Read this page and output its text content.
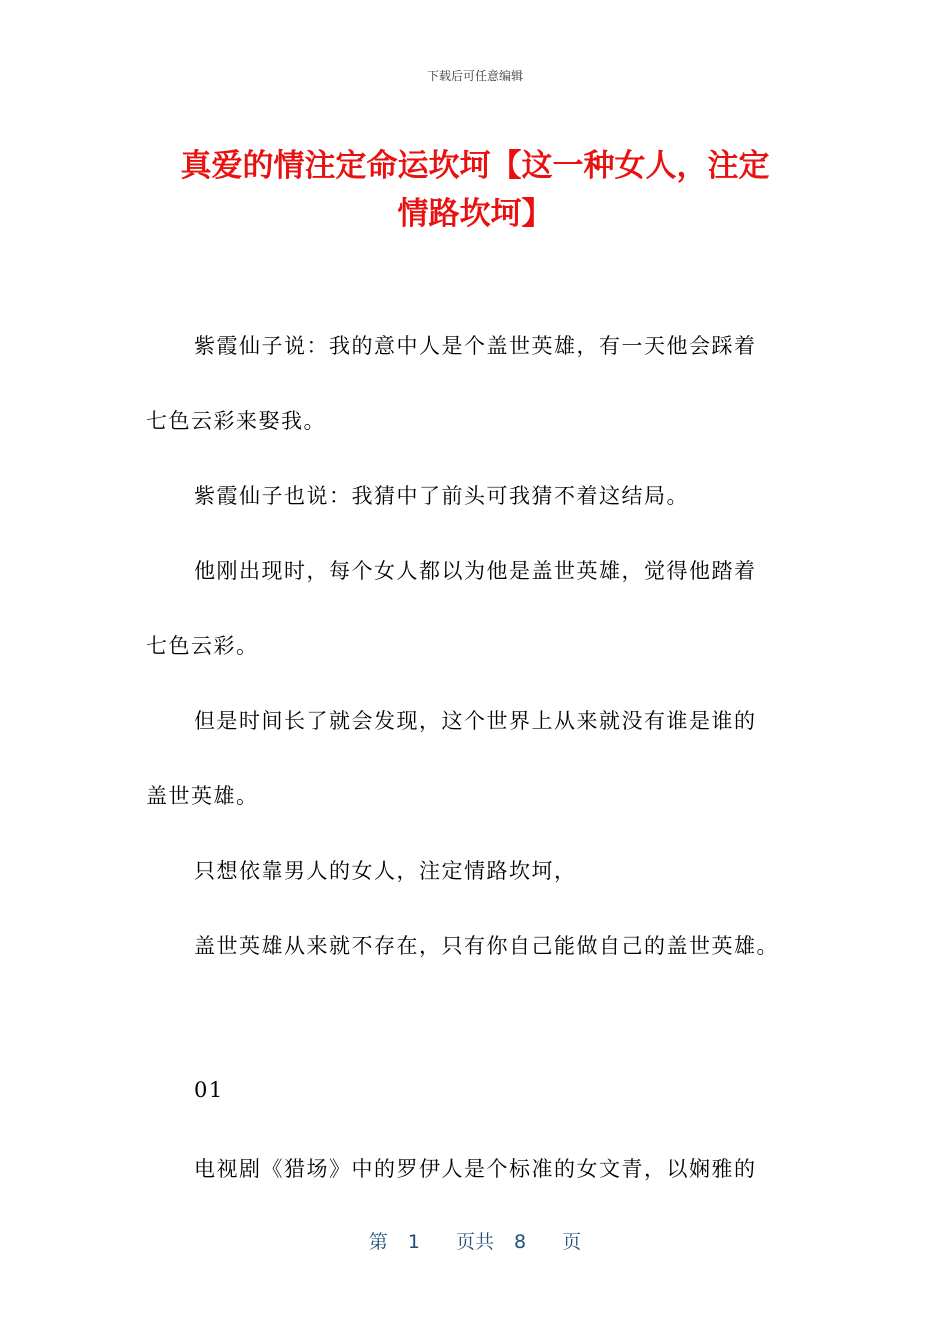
下载后可任意编辑
真爱的情注定命运坎坷【这一种女人，注定
情路坎坷】
紫霞仙子说：我的意中人是个盖世英雄，有一天他会踩着
七色云彩来娶我。
紫霞仙子也说：我猜中了前头可我猜不着这结局。
他刚出现时，每个女人都以为他是盖世英雄，觉得他踏着
七色云彩。
但是时间长了就会发现，这个世界上从来就没有谁是谁的
盖世英雄。
只想依靠男人的女人，注定情路坎坷，
盖世英雄从来就不存在，只有你自己能做自己的盖世英雄。
01
电视剧《猎场》中的罗伊人是个标准的女文青，以娴雅的
第 1 页共 8 页
